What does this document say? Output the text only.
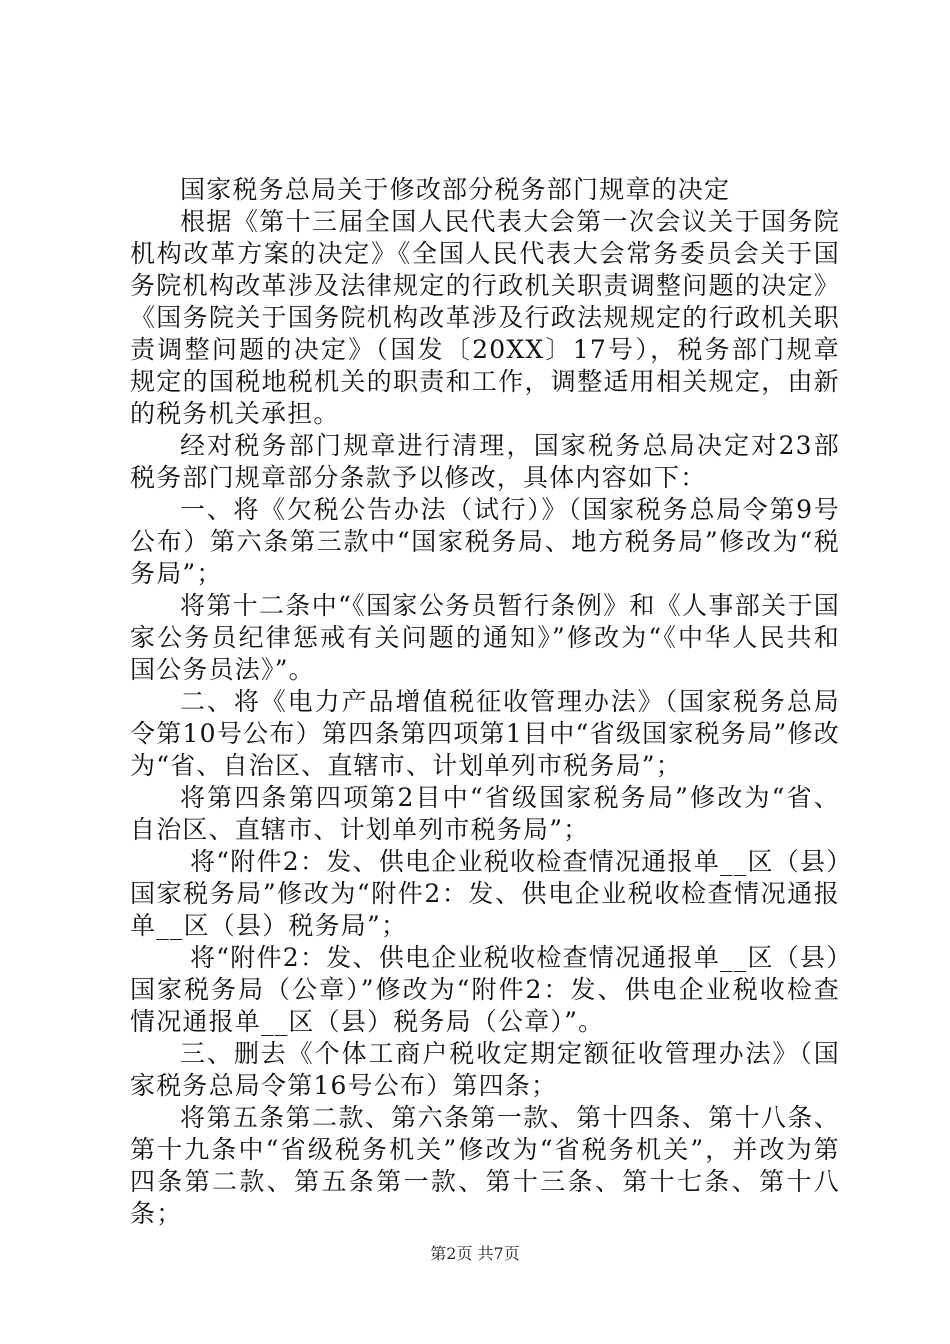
国家税务总局关于修改部分税务部门规章的决定

根据《第十三届全国人民代表大会第一次会议关于国务院机构改革方案的决定》《全国人民代表大会常务委员会关于国务院机构改革涉及法律规定的行政机关职责调整问题的决定》《国务院关于国务院机构改革涉及行政法规规定的行政机关职责调整问题的决定》（国发〔20XX〕17号），税务部门规章规定的国税地税机关的职责和工作，调整适用相关规定，由新的税务机关承担。

经对税务部门规章进行清理，国家税务总局决定对23部税务部门规章部分条款予以修改，具体内容如下：

一、将《欠税公告办法（试行）》（国家税务总局令第9号公布）第六条第三款中“国家税务局、地方税务局”修改为“税务局”；

将第十二条中“《国家公务员暂行条例》和《人事部关于国家公务员纪律惩戒有关问题的通知》”修改为“《中华人民共和国公务员法》”。

二、将《电力产品增值税征收管理办法》（国家税务总局令第10号公布）第四条第四项第1目中“省级国家税务局”修改为“省、自治区、直辖市、计划单列市税务局”；

将第四条第四项第2目中“省级国家税务局”修改为“省、自治区、直辖市、计划单列市税务局”；

将“附件2：发、供电企业税收检查情况通报单__区（县）国家税务局”修改为“附件2：发、供电企业税收检查情况通报单__区（县）税务局”；

将“附件2：发、供电企业税收检查情况通报单__区（县）国家税务局（公章）”修改为“附件2：发、供电企业税收检查情况通报单__区（县）税务局（公章）”。

三、删去《个体工商户税收定期定额征收管理办法》（国家税务总局令第16号公布）第四条；

将第五条第二款、第六条第一款、第十四条、第十八条、第十九条中“省级税务机关”修改为“省税务机关”，并改为第四条第二款、第五条第一款、第十三条、第十七条、第十八条；

第2页 共7页
